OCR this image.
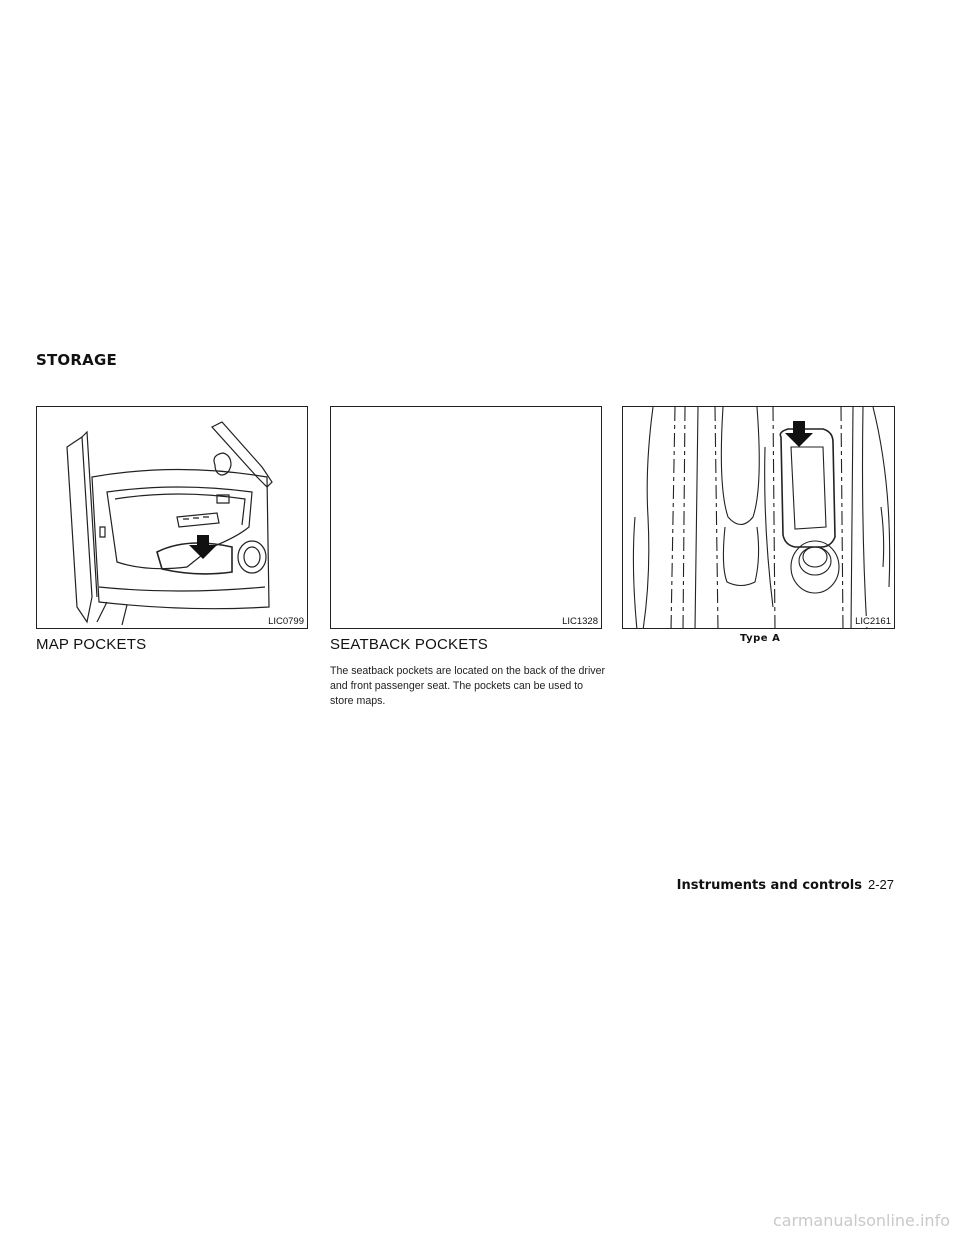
STORAGE
LIC0799	LIC1328	LIC2161
Type A
MAP POCKETS	SEATBACK POCKETS
The seatback pockets are located on the back of the driver and front passenger seat. The pockets can be used to store maps.
Instruments and controls 2-27
carmanualsonline.info
